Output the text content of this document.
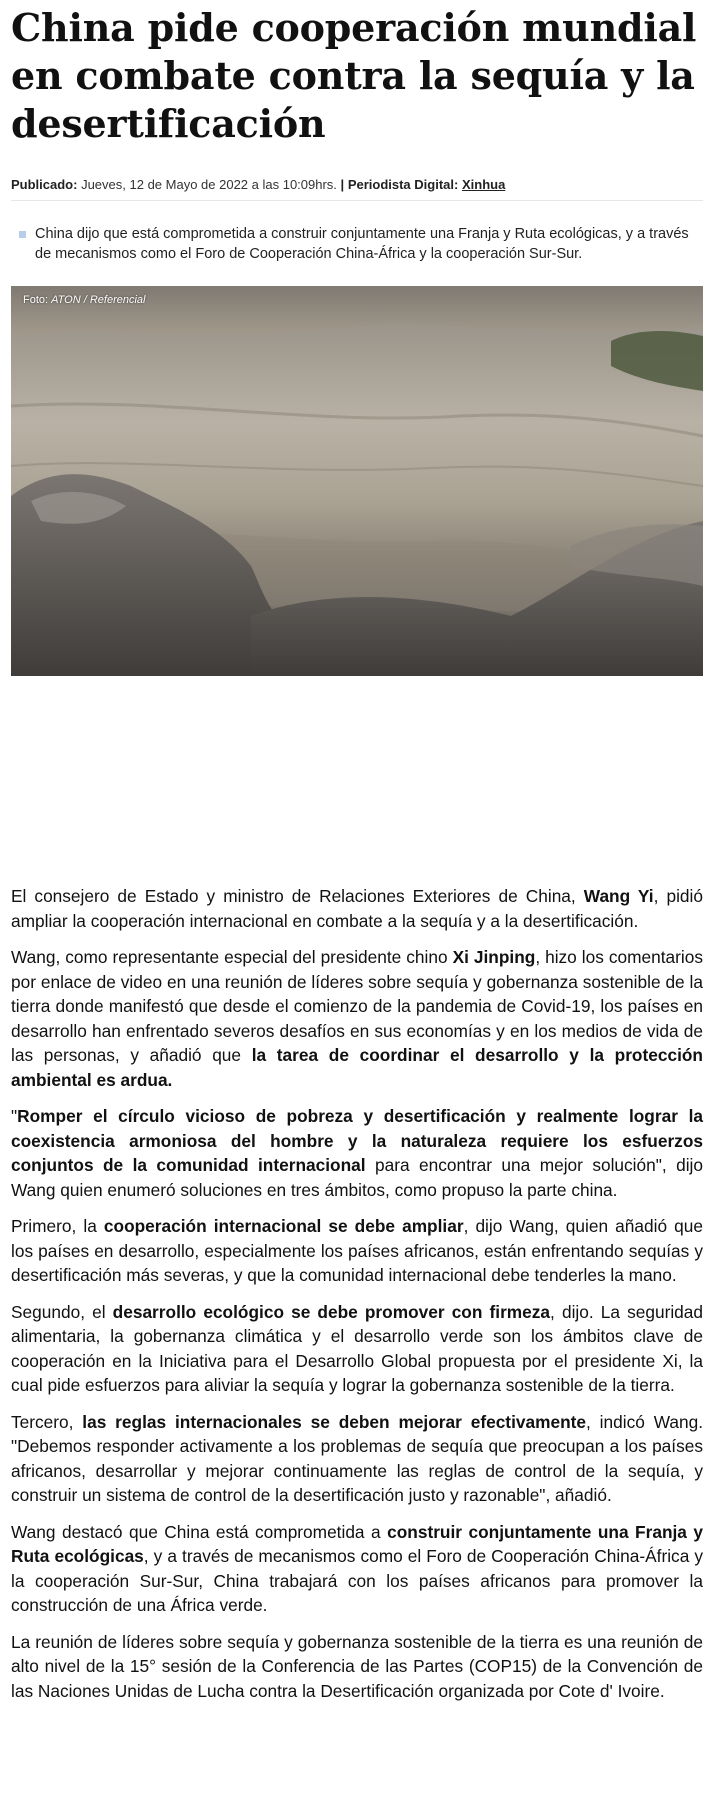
China pide cooperación mundial en combate contra la sequía y la desertificación
Publicado: Jueves, 12 de Mayo de 2022 a las 10:09hrs. | Periodista Digital: Xinhua
China dijo que está comprometida a construir conjuntamente una Franja y Ruta ecológicas, y a través de mecanismos como el Foro de Cooperación China-África y la cooperación Sur-Sur.
Foto: ATON / Referencial

El consejero de Estado y ministro de Relaciones Exteriores de China, Wang Yi, pidió ampliar la cooperación internacional en combate a la sequía y a la desertificación.

Wang, como representante especial del presidente chino Xi Jinping, hizo los comentarios por enlace de video en una reunión de líderes sobre sequía y gobernanza sostenible de la tierra donde manifestó que desde el comienzo de la pandemia de Covid-19, los países en desarrollo han enfrentado severos desafíos en sus economías y en los medios de vida de las personas, y añadió que la tarea de coordinar el desarrollo y la protección ambiental es ardua.

"Romper el círculo vicioso de pobreza y desertificación y realmente lograr la coexistencia armoniosa del hombre y la naturaleza requiere los esfuerzos conjuntos de la comunidad internacional para encontrar una mejor solución", dijo Wang quien enumeró soluciones en tres ámbitos, como propuso la parte china.

Primero, la cooperación internacional se debe ampliar, dijo Wang, quien añadió que los países en desarrollo, especialmente los países africanos, están enfrentando sequías y desertificación más severas, y que la comunidad internacional debe tenderles la mano.

Segundo, el desarrollo ecológico se debe promover con firmeza, dijo. La seguridad alimentaria, la gobernanza climática y el desarrollo verde son los ámbitos clave de cooperación en la Iniciativa para el Desarrollo Global propuesta por el presidente Xi, la cual pide esfuerzos para aliviar la sequía y lograr la gobernanza sostenible de la tierra.

Tercero, las reglas internacionales se deben mejorar efectivamente, indicó Wang. "Debemos responder activamente a los problemas de sequía que preocupan a los países africanos, desarrollar y mejorar continuamente las reglas de control de la sequía, y construir un sistema de control de la desertificación justo y razonable", añadió.

Wang destacó que China está comprometida a construir conjuntamente una Franja y Ruta ecológicas, y a través de mecanismos como el Foro de Cooperación China-África y la cooperación Sur-Sur, China trabajará con los países africanos para promover la construcción de una África verde.

La reunión de líderes sobre sequía y gobernanza sostenible de la tierra es una reunión de alto nivel de la 15° sesión de la Conferencia de las Partes (COP15) de la Convención de las Naciones Unidas de Lucha contra la Desertificación organizada por Cote d' Ivoire.
